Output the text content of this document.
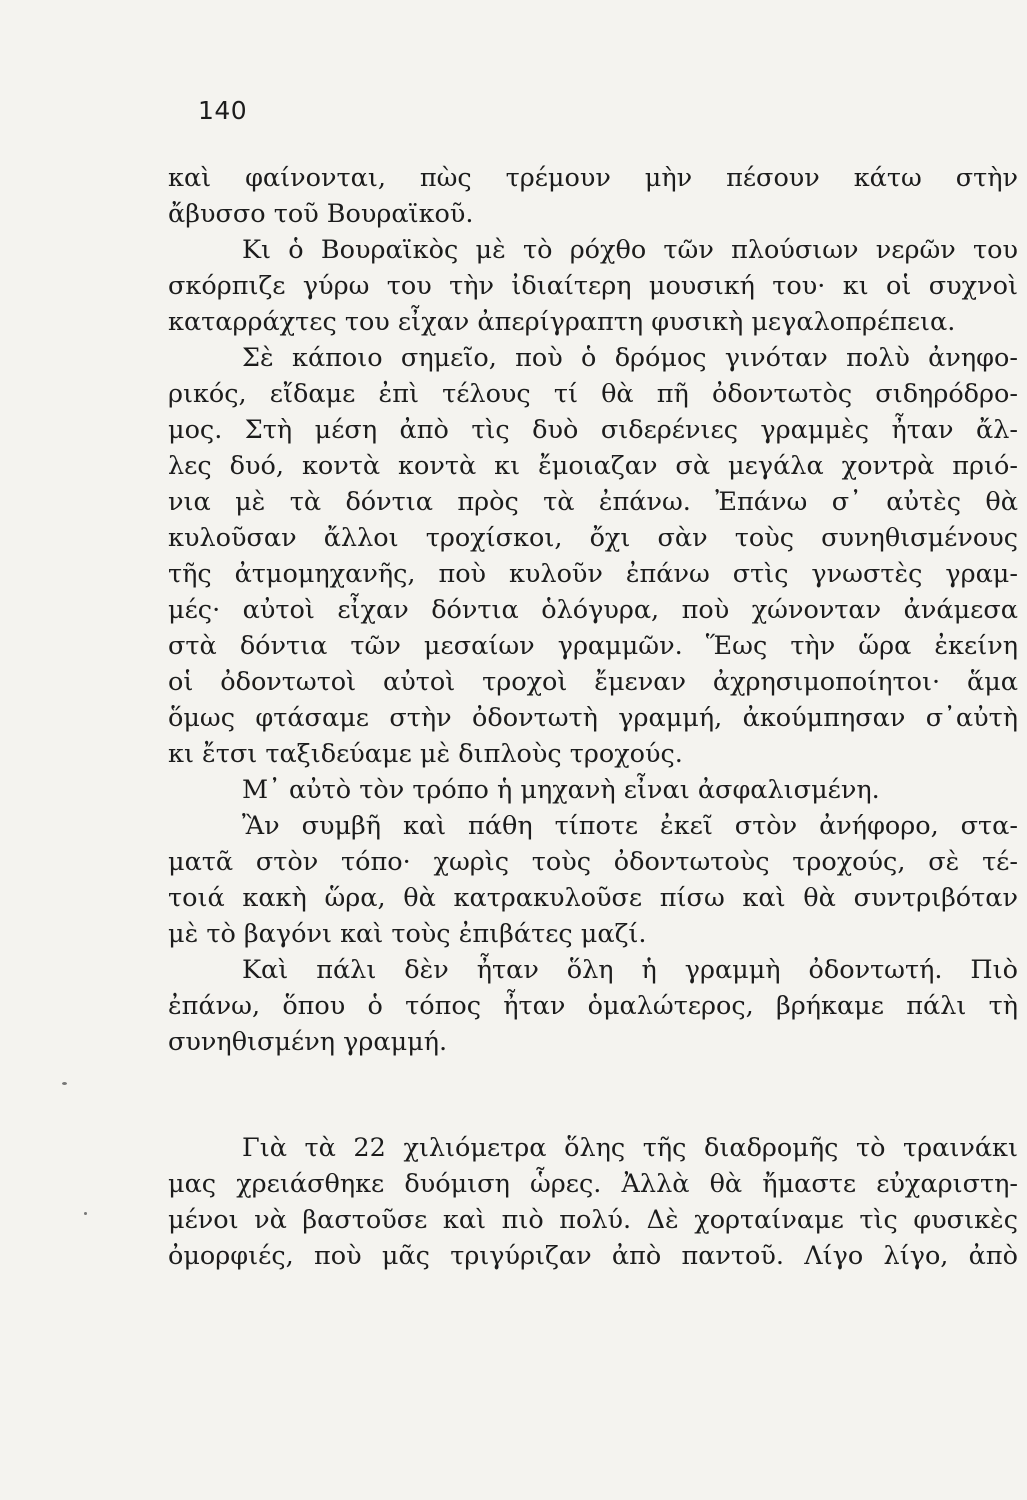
140
καὶ φαίνονται, πὼς τρέμουν μὴν πέσουν κάτω στὴν
ἄβυσσο τοῦ Βουραϊκοῦ.
Κι ὁ Βουραϊκὸς μὲ τὸ ρόχθο τῶν πλούσιων νερῶν του
σκόρπιζε γύρω του τὴν ἰδιαίτερη μουσική του· κι οἱ συχνοὶ
καταρράχτες του εἶχαν ἀπερίγραπτη φυσικὴ μεγαλοπρέπεια.
Σὲ κάποιο σημεῖο, ποὺ ὁ δρόμος γινόταν πολὺ ἀνηφο-
ρικός, εἴδαμε ἐπὶ τέλους τί θὰ πῆ ὀδοντωτὸς σιδηρόδρο-
μος. Στὴ μέση ἀπὸ τὶς δυὸ σιδερένιες γραμμὲς ἦταν ἄλ-
λες δυό, κοντὰ κοντὰ κι ἔμοιαζαν σὰ μεγάλα χοντρὰ πριό-
νια μὲ τὰ δόντια πρὸς τὰ ἐπάνω. Ἐπάνω σ᾽ αὐτὲς θὰ
κυλοῦσαν ἄλλοι τροχίσκοι, ὄχι σὰν τοὺς συνηθισμένους
τῆς ἀτμομηχανῆς, ποὺ κυλοῦν ἐπάνω στὶς γνωστὲς γραμ-
μές· αὐτοὶ εἶχαν δόντια ὁλόγυρα, ποὺ χώνονταν ἀνάμεσα
στὰ δόντια τῶν μεσαίων γραμμῶν. Ἕως τὴν ὥρα ἐκείνη
οἱ ὀδοντωτοὶ αὐτοὶ τροχοὶ ἔμεναν ἀχρησιμοποίητοι· ἅμα
ὅμως φτάσαμε στὴν ὀδοντωτὴ γραμμή, ἀκούμπησαν σ᾽αὐτὴ
κι ἔτσι ταξιδεύαμε μὲ διπλοὺς τροχούς.
Μ᾽ αὐτὸ τὸν τρόπο ἡ μηχανὴ εἶναι ἀσφαλισμένη.
Ἂν συμβῆ καὶ πάθη τίποτε ἐκεῖ στὸν ἀνήφορο, στα-
ματᾶ στὸν τόπο· χωρὶς τοὺς ὀδοντωτοὺς τροχούς, σὲ τέ-
τοιά κακὴ ὥρα, θὰ κατρακυλοῦσε πίσω καὶ θὰ συντριβόταν
μὲ τὸ βαγόνι καὶ τοὺς ἐπιβάτες μαζί.
Καὶ πάλι δὲν ἦταν ὅλη ἡ γραμμὴ ὀδοντωτή. Πιὸ
ἐπάνω, ὅπου ὁ τόπος ἦταν ὁμαλώτερος, βρήκαμε πάλι τὴ
συνηθισμένη γραμμή.
Γιὰ τὰ 22 χιλιόμετρα ὅλης τῆς διαδρομῆς τὸ τραινάκι
μας χρειάσθηκε δυόμιση ὧρες. Ἀλλὰ θὰ ἤμαστε εὐχαριστη-
μένοι νὰ βαστοῦσε καὶ πιὸ πολύ. Δὲ χορταίναμε τὶς φυσικὲς
ὀμορφιές, ποὺ μᾶς τριγύριζαν ἀπὸ παντοῦ. Λίγο λίγο, ἀπὸ
